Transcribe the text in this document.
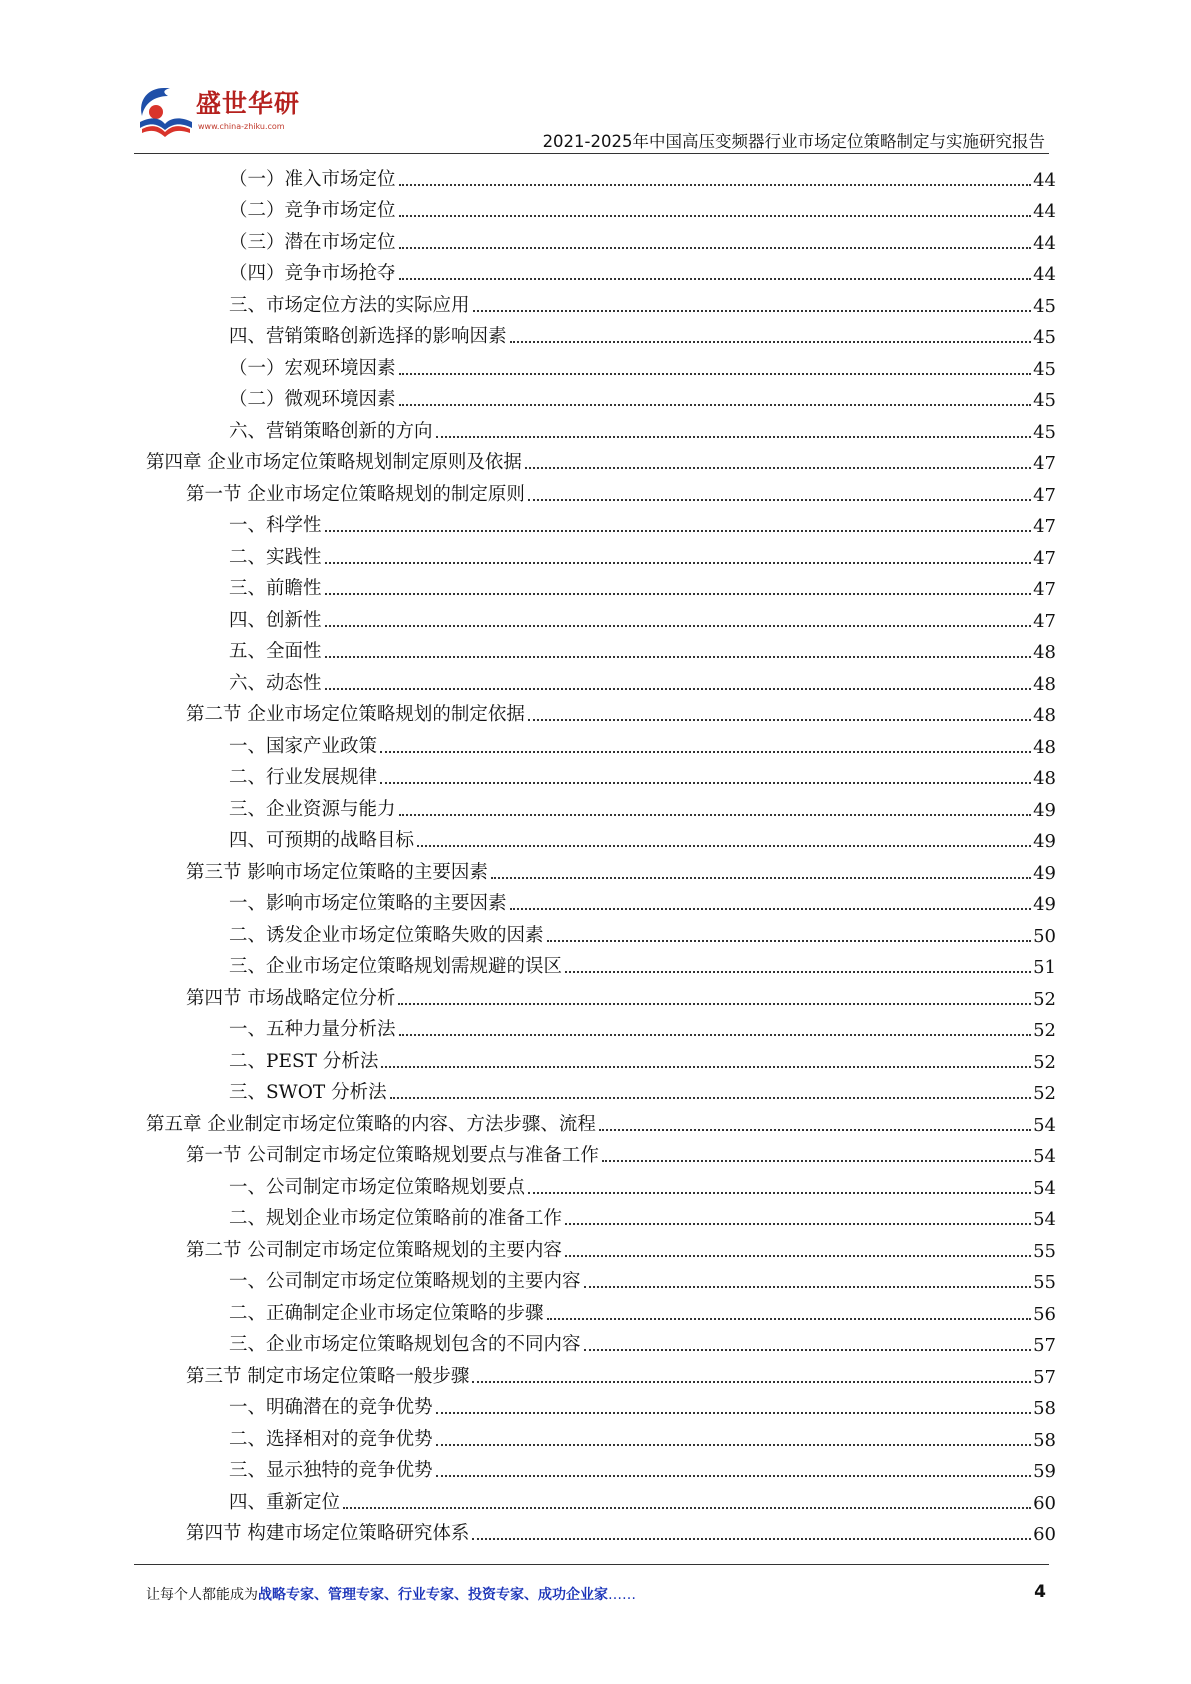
盛世华研
www.china-zhiku.com
2021-2025年中国高压变频器行业市场定位策略制定与实施研究报告
（一）准入市场定位	44
（二）竞争市场定位	44
（三）潜在市场定位	44
（四）竞争市场抢夺	44
三、市场定位方法的实际应用	45
四、营销策略创新选择的影响因素	45
（一）宏观环境因素	45
（二）微观环境因素	45
六、营销策略创新的方向	45
第四章 企业市场定位策略规划制定原则及依据	47
第一节 企业市场定位策略规划的制定原则	47
一、科学性	47
二、实践性	47
三、前瞻性	47
四、创新性	47
五、全面性	48
六、动态性	48
第二节 企业市场定位策略规划的制定依据	48
一、国家产业政策	48
二、行业发展规律	48
三、企业资源与能力	49
四、可预期的战略目标	49
第三节 影响市场定位策略的主要因素	49
一、影响市场定位策略的主要因素	49
二、诱发企业市场定位策略失败的因素	50
三、企业市场定位策略规划需规避的误区	51
第四节 市场战略定位分析	52
一、五种力量分析法	52
二、PEST 分析法	52
三、SWOT 分析法	52
第五章 企业制定市场定位策略的内容、方法步骤、流程	54
第一节 公司制定市场定位策略规划要点与准备工作	54
一、公司制定市场定位策略规划要点	54
二、规划企业市场定位策略前的准备工作	54
第二节 公司制定市场定位策略规划的主要内容	55
一、公司制定市场定位策略规划的主要内容	55
二、正确制定企业市场定位策略的步骤	56
三、企业市场定位策略规划包含的不同内容	57
第三节 制定市场定位策略一般步骤	57
一、明确潜在的竞争优势	58
二、选择相对的竞争优势	58
三、显示独特的竞争优势	59
四、重新定位	60
第四节 构建市场定位策略研究体系	60
让每个人都能成为战略专家、管理专家、行业专家、投资专家、成功企业家……	4
